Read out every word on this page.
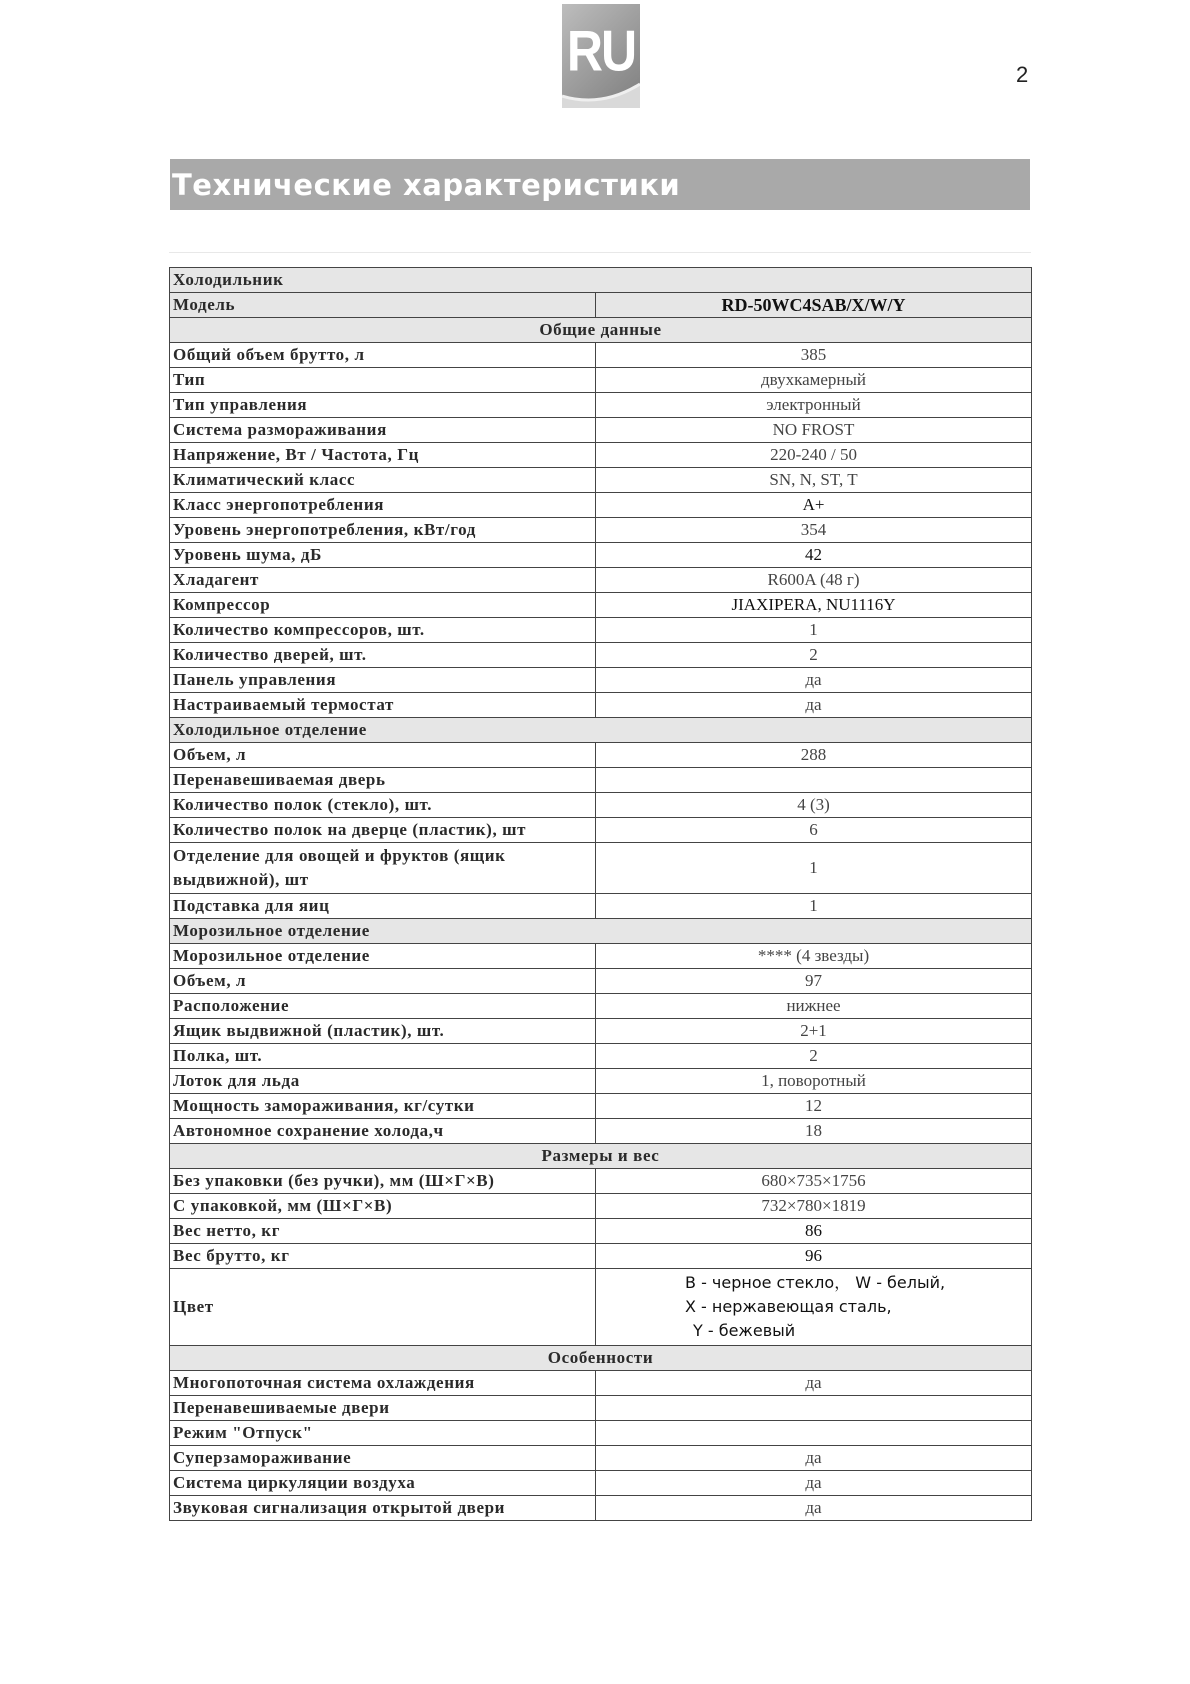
RU	2
Технические характеристики
Холодильник	
Модель	RD-50WC4SAB/X/W/Y
Общие данные	
Общий объем брутто, л	385
Тип	двухкамерный
Тип управления	электронный
Система размораживания	NO FROST
Напряжение, Вт / Частота, Гц	220-240 / 50
Климатический класс	SN, N, ST, T
Класс энергопотребления	A+
Уровень энергопотребления, кВт/год	354
Уровень шума, дБ	42
Хладагент	R600A (48 г)
Компрессор	JIAXIPERA, NU1116Y
Количество компрессоров, шт.	1
Количество дверей, шт.	2
Панель управления	да
Настраиваемый термостат	да
Холодильное отделение	
Объем, л	288
Перенавешиваемая дверь	
Количество полок (стекло), шт.	4 (3)
Количество полок на дверце (пластик), шт	6
Отделение для овощей и фруктов (ящик выдвижной), шт	1
Подставка для яиц	1
Морозильное отделение	
Морозильное отделение	**** (4 звезды)
Объем, л	97
Расположение	нижнее
Ящик выдвижной (пластик), шт.	2+1
Полка, шт.	2
Лоток для льда	1, поворотный
Мощность замораживания, кг/сутки	12
Автономное сохранение холода,ч	18
Размеры и вес	
Без упаковки (без ручки), мм (Ш×Г×В)	680×735×1756
С упаковкой, мм (Ш×Г×В)	732×780×1819
Вес нетто, кг	86
Вес брутто, кг	96
Цвет	B - черное стекло， W - белый,
X - нержавеющая сталь,
Y - бежевый

Особенности	
Многопоточная система охлаждения	да
Перенавешиваемые двери	
Режим "Отпуск"	
Суперзамораживание	да
Система циркуляции воздуха	да
Звуковая сигнализация открытой двери	да
